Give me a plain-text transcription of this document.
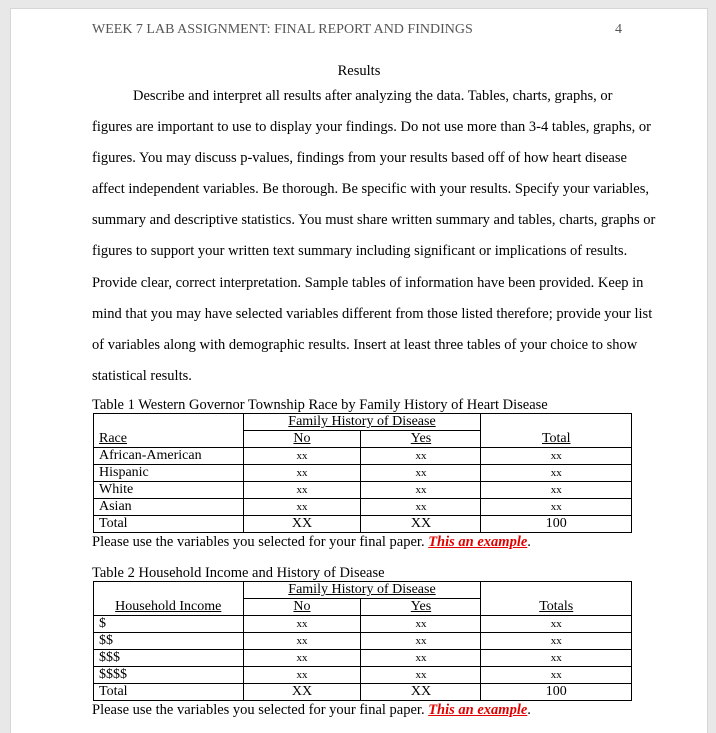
WEEK 7 LAB ASSIGNMENT: FINAL REPORT AND FINDINGS	4
Results
Describe and interpret all results after analyzing the data. Tables, charts, graphs, or
figures are important to use to display your findings. Do not use more than 3-4 tables, graphs, or
figures. You may discuss p-values, findings from your results based off of how heart disease
affect independent variables. Be thorough. Be specific with your results. Specify your variables,
summary and descriptive statistics. You must share written summary and tables, charts, graphs or
figures to support your written text summary including significant or implications of results.
Provide clear, correct interpretation. Sample tables of information have been provided. Keep in
mind that you may have selected variables different from those listed therefore; provide your list
of variables along with demographic results. Insert at least three tables of your choice to show
statistical results.
Table 1 Western Governor Township Race by Family History of Heart Disease
	Family History of Disease		
Race	No	Yes	Total
African-American	xx	xx	xx
Hispanic	xx	xx	xx
White	xx	xx	xx
Asian	xx	xx	xx
Total	XX	XX	100
Please use the variables you selected for your final paper. This an example.
Table 2 Household Income and History of Disease
	Family History of Disease		
Household Income	No	Yes	Totals
$	xx	xx	xx
$$	xx	xx	xx
$$$	xx	xx	xx
$$$$	xx	xx	xx
Total	XX	XX	100
Please use the variables you selected for your final paper. This an example.
